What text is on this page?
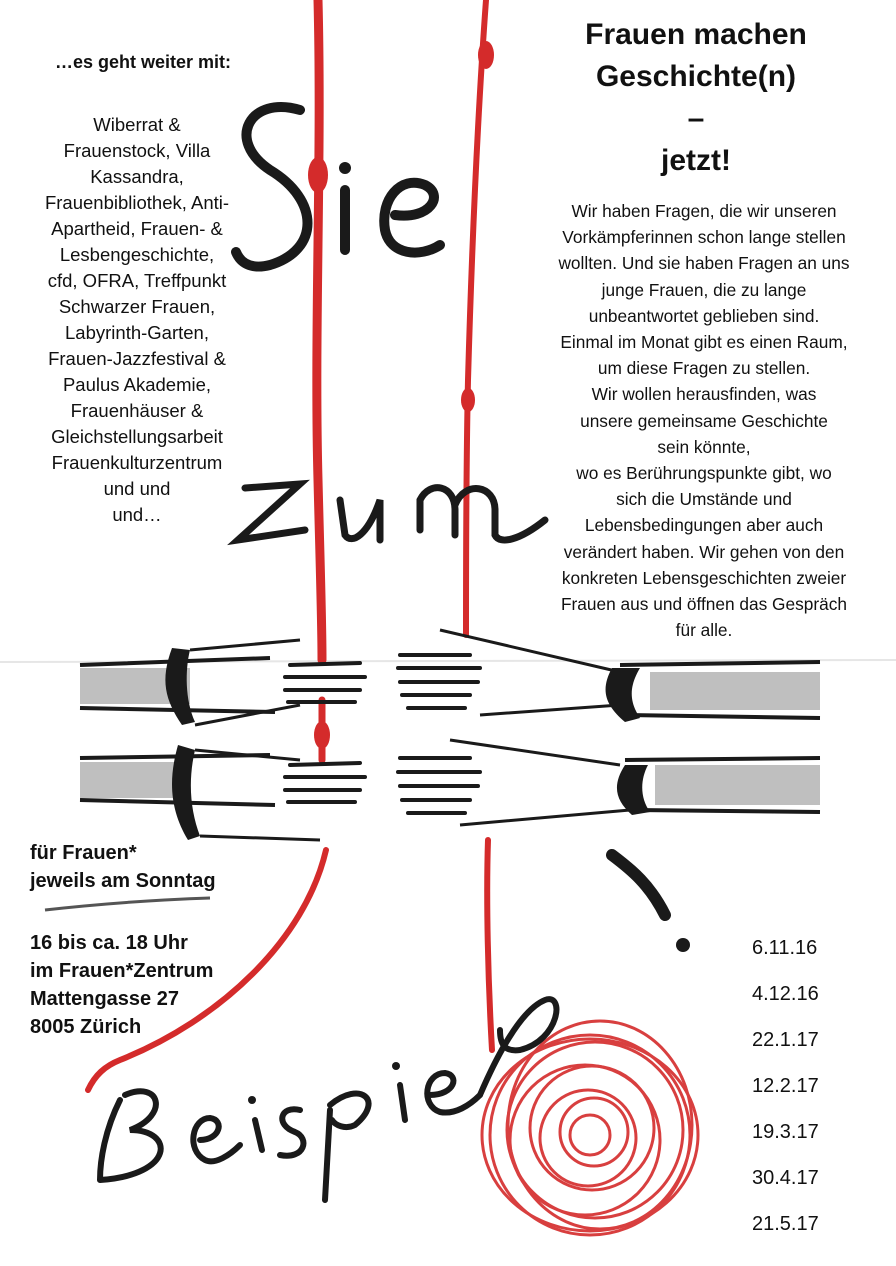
…es geht weiter mit:
Wiberrat &
Frauenstock, Villa
Kassandra,
Frauenbibliothek, Anti-
Apartheid, Frauen- &
Lesbengeschichte,
cfd, OFRA, Treffpunkt
Schwarzer Frauen,
Labyrinth-Garten,
Frauen-Jazzfestival &
Paulus Akademie,
Frauenhäuser &
Gleichstellungsarbeit
Frauenkulturzentrum
und und
und…
Frauen machen
Geschichte(n)
–
jetzt!
Wir haben Fragen, die wir unseren
Vorkämpferinnen schon lange stellen
wollten. Und sie haben Fragen an uns
junge Frauen, die zu lange
unbeantwortet geblieben sind.
Einmal im Monat gibt es einen Raum,
um diese Fragen zu stellen.
Wir wollen herausfinden, was
unsere gemeinsame Geschichte
sein könnte,
wo es Berührungspunkte gibt, wo
sich die Umstände und
Lebensbedingungen aber auch
verändert haben. Wir gehen von den
konkreten Lebensgeschichten zweier
Frauen aus und öffnen das Gespräch
für alle.
für Frauen*
jeweils am Sonntag
16 bis ca. 18 Uhr
im Frauen*Zentrum
Mattengasse 27
8005 Zürich
6.11.16
4.12.16
22.1.17
12.2.17
19.3.17
30.4.17
21.5.17
